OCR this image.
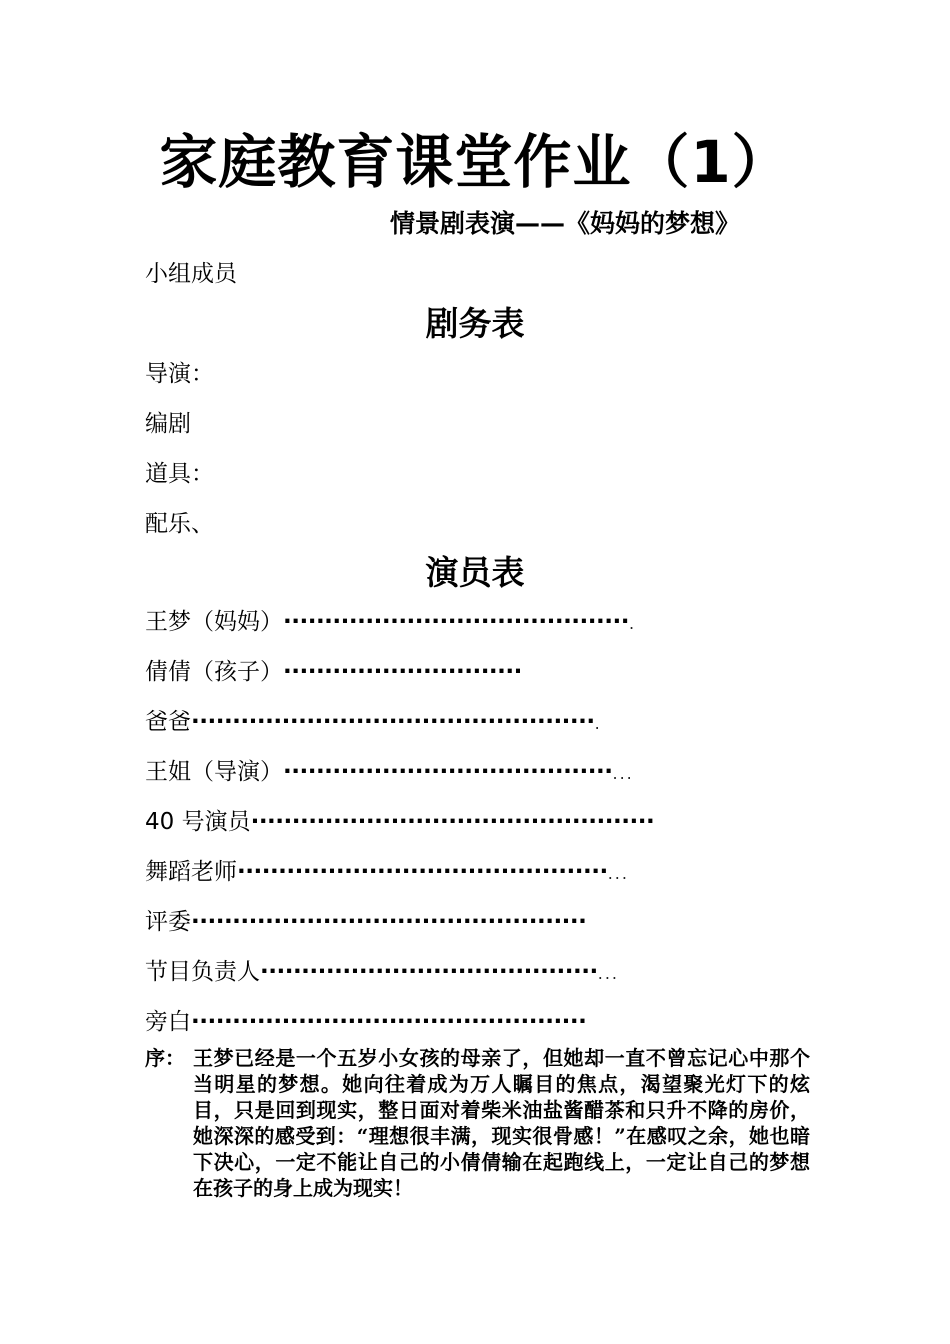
家庭教育课堂作业（1）
情景剧表演——《妈妈的梦想》
小组成员
剧务表
导演：
编剧
道具：
配乐、
演员表
王梦（妈妈） ·········································· .
倩倩（孩子） ·····························
爸爸 ················································· .
王姐（导演） ········································ ...
40 号演员 ·················································
舞蹈老师 ············································· ...
评委 ················································
节目负责人 ········································· ...
旁白 ················································
序： 王梦已经是一个五岁小女孩的母亲了，但她却一直不曾忘记心中那个当明星的梦想。她向往着成为万人瞩目的焦点，渴望聚光灯下的炫目，只是回到现实，整日面对着柴米油盐酱醋茶和只升不降的房价，她深深的感受到：“理想很丰满，现实很骨感！”在感叹之余，她也暗下决心，一定不能让自己的小倩倩输在起跑线上，一定让自己的梦想在孩子的身上成为现实！
